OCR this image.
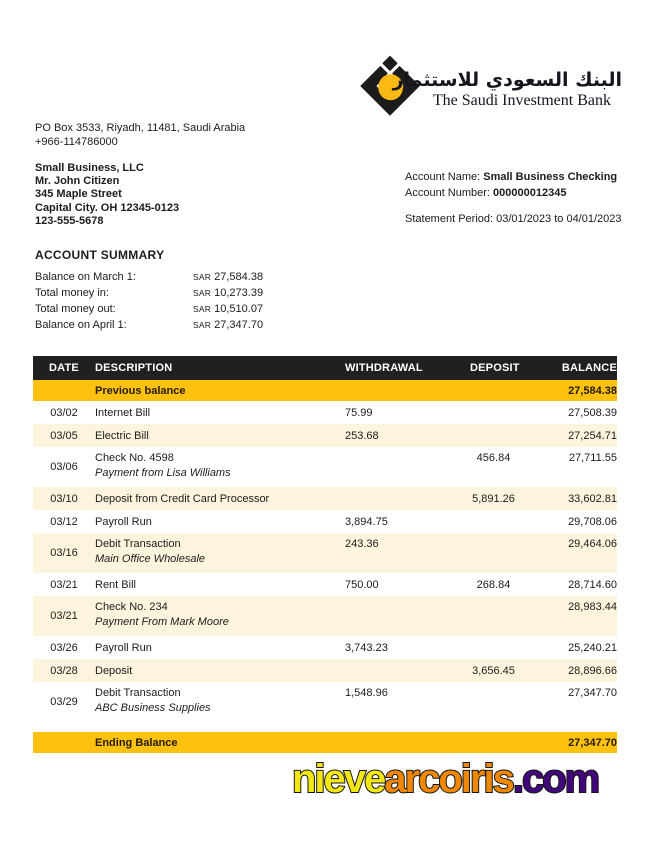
البنك السعودي للاستثمار
The Saudi Investment Bank
PO Box 3533, Riyadh, 11481, Saudi Arabia
+966-114786000
Small Business, LLC
Mr. John Citizen
345 Maple Street
Capital City. OH 12345-0123
123-555-5678
Account Name: Small Business Checking
Account Number: 000000012345
Statement Period: 03/01/2023 to 04/01/2023
ACCOUNT SUMMARY
Balance on March 1:	SAR 27,584.38
Total money in:	SAR 10,273.39
Total money out:	SAR 10,510.07
Balance on April 1:	SAR 27,347.70
DATE	DESCRIPTION	WITHDRAWAL	DEPOSIT	BALANCE
	Previous balance			27,584.38
03/02	Internet Bill	75.99		27,508.39
03/05	Electric Bill	253.68		27,254.71
03/06	Check No. 4598
Payment from Lisa Williams		456.84	27,711.55
03/10	Deposit from Credit Card Processor		5,891.26	33,602.81
03/12	Payroll Run	3,894.75		29,708.06
03/16	Debit Transaction
Main Office Wholesale	243.36		29,464.06
03/21	Rent Bill	750.00	268.84	28,714.60
03/21	Check No. 234
Payment From Mark Moore			28,983.44
03/26	Payroll Run	3,743.23		25,240.21
03/28	Deposit		3,656.45	28,896.66
03/29	Debit Transaction
ABC Business Supplies	1,548.96		27,347.70

	Ending Balance			27,347.70
nievearcoiris.com
